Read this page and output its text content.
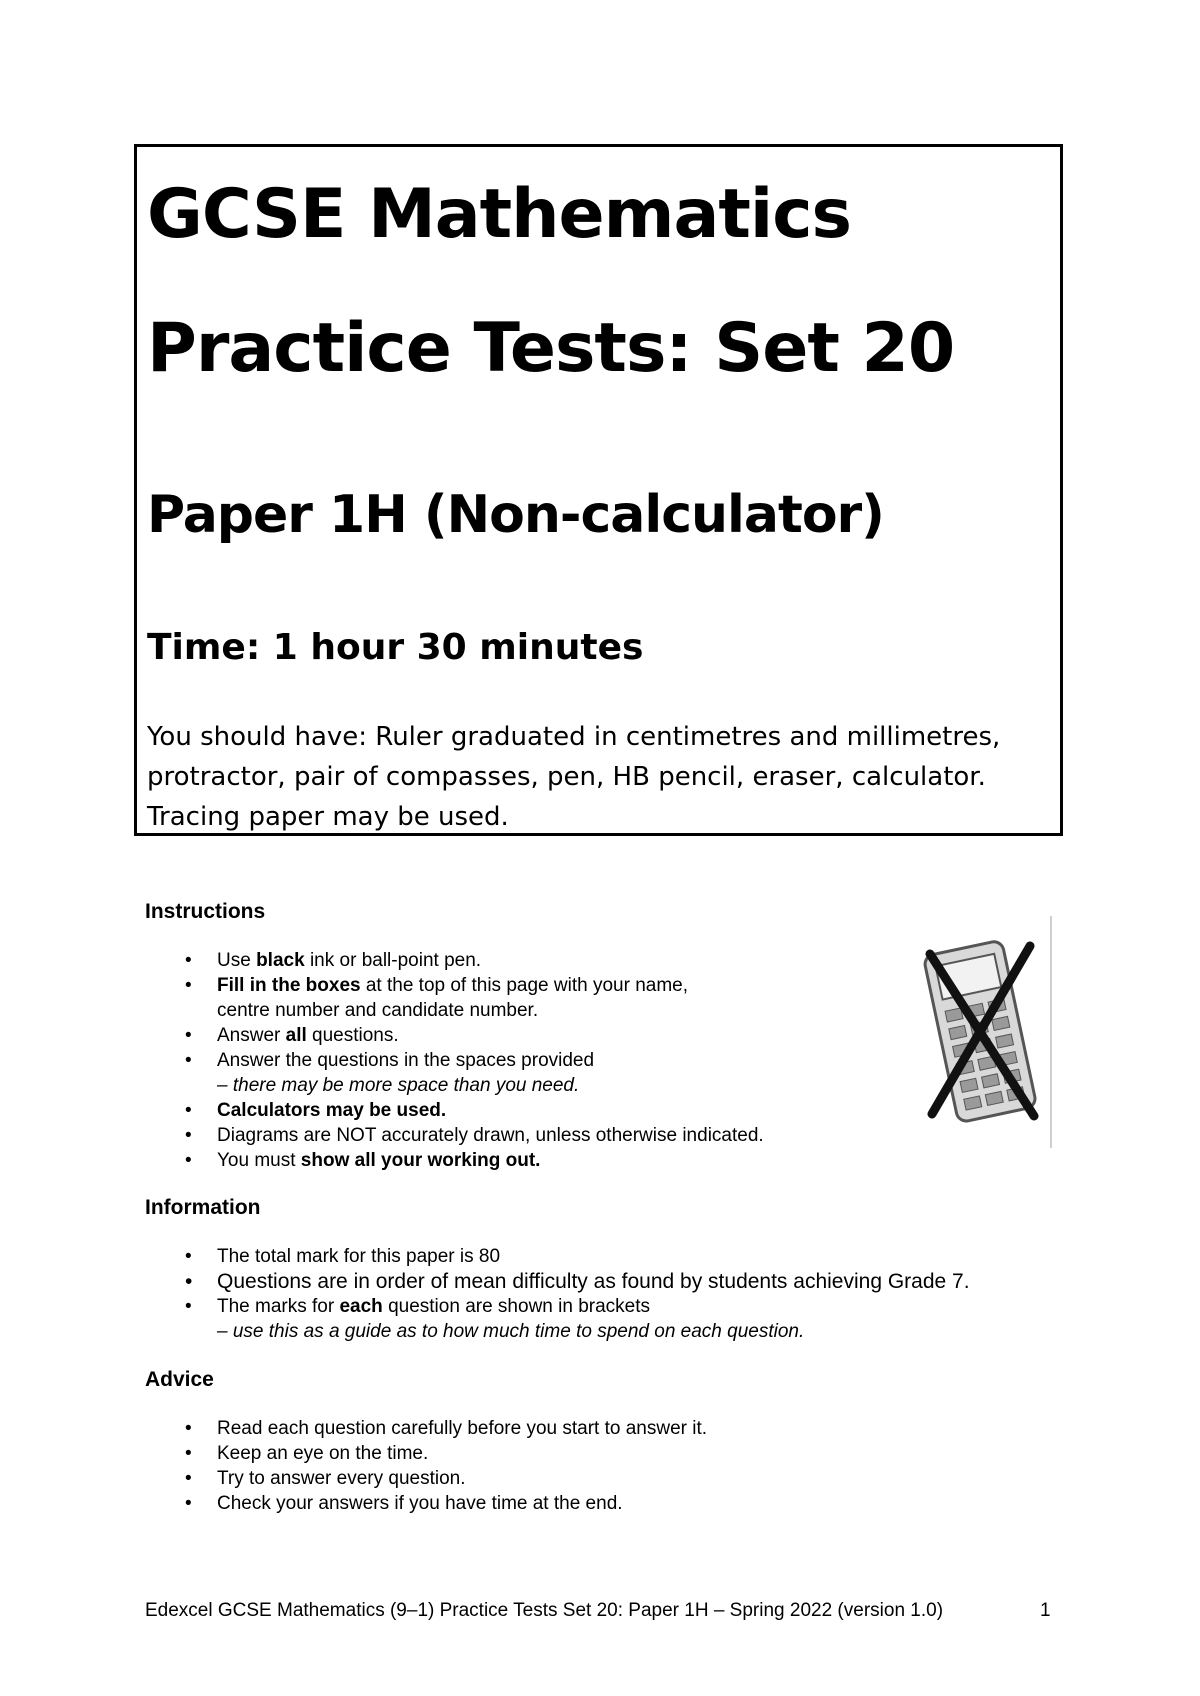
GCSE Mathematics
Practice Tests: Set 20
Paper 1H (Non-calculator)
Time: 1 hour 30 minutes
You should have: Ruler graduated in centimetres and millimetres,
protractor, pair of compasses, pen, HB pencil, eraser, calculator.
Tracing paper may be used.

Instructions

• Use black ink or ball-point pen.
• Fill in the boxes at the top of this page with your name,
centre number and candidate number.
• Answer all questions.
• Answer the questions in the spaces provided
– there may be more space than you need.
• Calculators may be used.
• Diagrams are NOT accurately drawn, unless otherwise indicated.
• You must show all your working out.

Information

• The total mark for this paper is 80
• Questions are in order of mean difficulty as found by students achieving Grade 7.
• The marks for each question are shown in brackets
– use this as a guide as to how much time to spend on each question.

Advice

• Read each question carefully before you start to answer it.
• Keep an eye on the time.
• Try to answer every question.
• Check your answers if you have time at the end.
Edexcel GCSE Mathematics (9–1) Practice Tests Set 20: Paper 1H – Spring 2022 (version 1.0)	1
